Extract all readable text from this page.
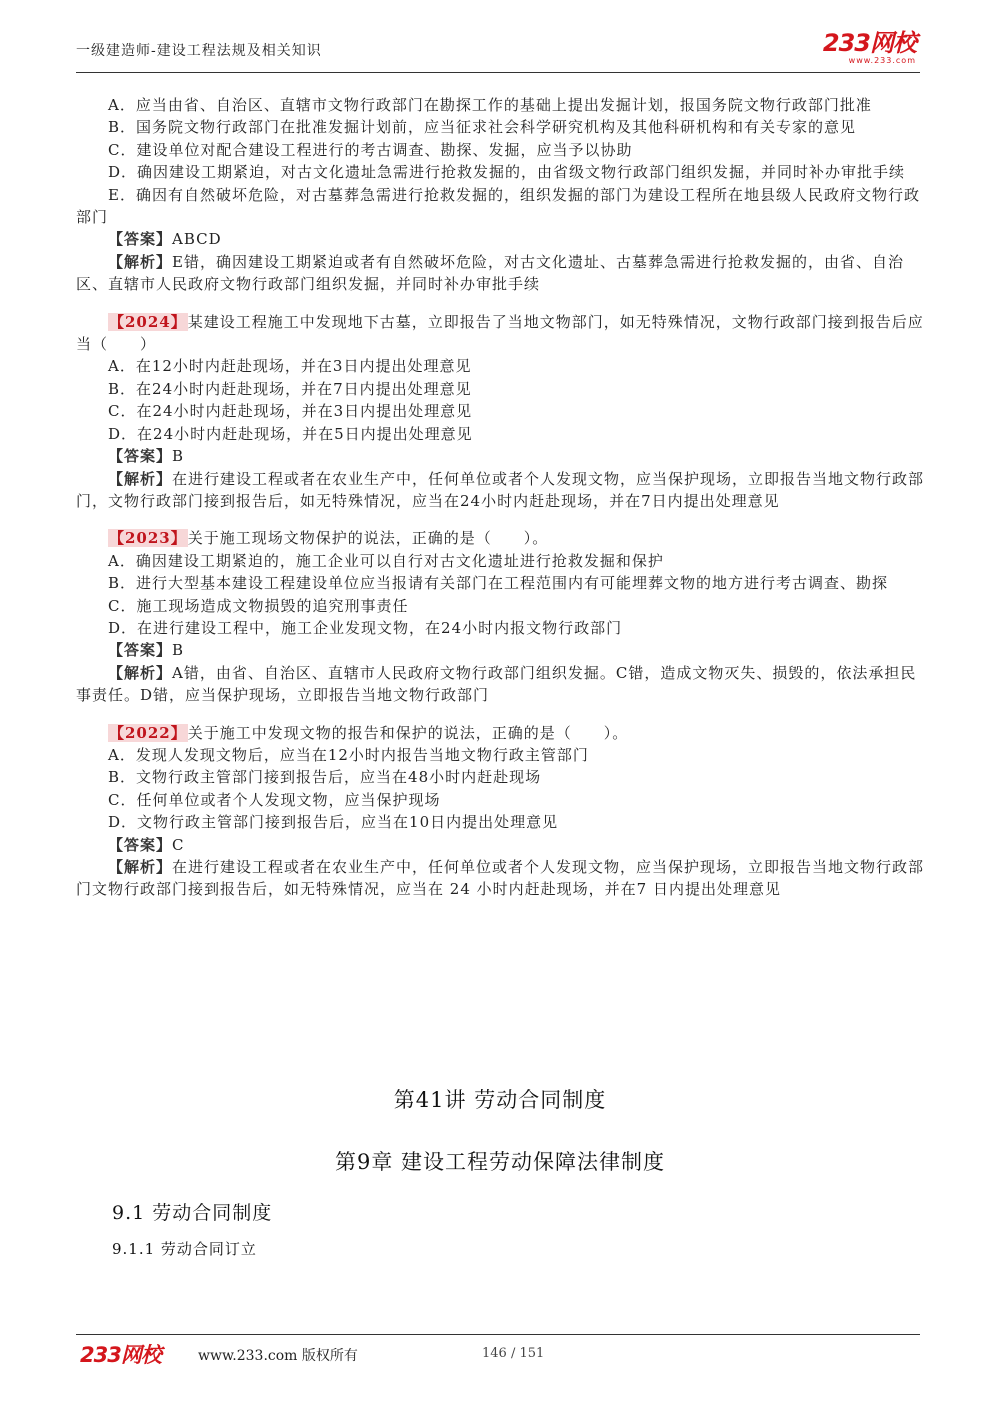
一级建造师-建设工程法规及相关知识	233网校
www.233.com

A．应当由省、自治区、直辖市文物行政部门在勘探工作的基础上提出发掘计划，报国务院文物行政部门批准

B．国务院文物行政部门在批准发掘计划前，应当征求社会科学研究机构及其他科研机构和有关专家的意见

C．建设单位对配合建设工程进行的考古调查、勘探、发掘，应当予以协助

D．确因建设工期紧迫，对古文化遗址急需进行抢救发掘的，由省级文物行政部门组织发掘，并同时补办审批手续

E．确因有自然破坏危险，对古墓葬急需进行抢救发掘的，组织发掘的部门为建设工程所在地县级人民政府文物行政部门

【答案】ABCD

【解析】E错，确因建设工期紧迫或者有自然破坏危险，对古文化遗址、古墓葬急需进行抢救发掘的，由省、自治区、直辖市人民政府文物行政部门组织发掘，并同时补办审批手续

【2024】某建设工程施工中发现地下古墓，立即报告了当地文物部门，如无特殊情况，文物行政部门接到报告后应当（　　）

A．在12小时内赶赴现场，并在3日内提出处理意见

B．在24小时内赶赴现场，并在7日内提出处理意见

C．在24小时内赶赴现场，并在3日内提出处理意见

D．在24小时内赶赴现场，并在5日内提出处理意见

【答案】B

【解析】在进行建设工程或者在农业生产中，任何单位或者个人发现文物，应当保护现场，立即报告当地文物行政部门，文物行政部门接到报告后，如无特殊情况，应当在24小时内赶赴现场，并在7日内提出处理意见

【2023】关于施工现场文物保护的说法，正确的是（　　）。

A．确因建设工期紧迫的，施工企业可以自行对古文化遗址进行抢救发掘和保护

B．进行大型基本建设工程建设单位应当报请有关部门在工程范围内有可能埋葬文物的地方进行考古调查、勘探

C．施工现场造成文物损毁的追究刑事责任

D．在进行建设工程中，施工企业发现文物，在24小时内报文物行政部门

【答案】B

【解析】A错，由省、自治区、直辖市人民政府文物行政部门组织发掘。C错，造成文物灭失、损毁的，依法承担民事责任。D错，应当保护现场，立即报告当地文物行政部门

【2022】关于施工中发现文物的报告和保护的说法，正确的是（　　）。

A．发现人发现文物后，应当在12小时内报告当地文物行政主管部门

B．文物行政主管部门接到报告后，应当在48小时内赶赴现场

C．任何单位或者个人发现文物，应当保护现场

D．文物行政主管部门接到报告后，应当在10日内提出处理意见

【答案】C

【解析】在进行建设工程或者在农业生产中，任何单位或者个人发现文物，应当保护现场，立即报告当地文物行政部门文物行政部门接到报告后，如无特殊情况，应当在 24 小时内赶赴现场，并在7 日内提出处理意见

第41讲 劳动合同制度
第9章 建设工程劳动保障法律制度
9.1 劳动合同制度
9.1.1 劳动合同订立
233网校	www.233.com 版权所有	146 / 151
